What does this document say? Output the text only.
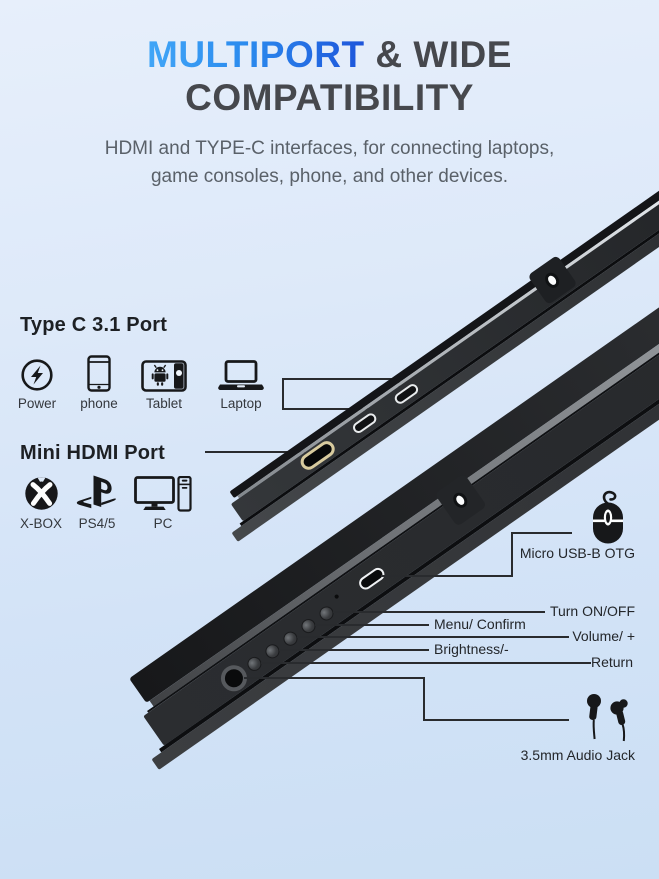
MULTIPORT & WIDE
COMPATIBILITY
HDMI and TYPE-C interfaces, for connecting laptops,
game consoles, phone, and other devices.
Type C 3.1 Port
Power phone	Tablet	Laptop
Mini HDMI Port
X-BOX	PS4/5	PC
Micro USB-B OTG
Turn ON/OFF
Menu/ Confirm
Volume/ +
Brightness/-
Return
3.5mm Audio Jack
